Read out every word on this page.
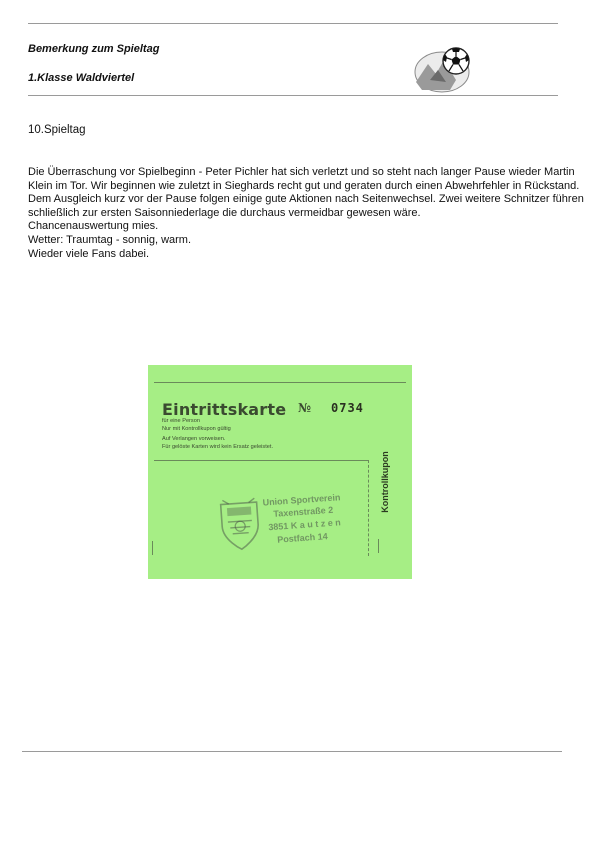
Bemerkung zum Spieltag
1.Klasse Waldviertel
10.Spieltag

Die Überraschung vor Spielbeginn - Peter Pichler hat sich verletzt und so steht nach langer Pause wieder Martin Klein im Tor. Wir beginnen wie zuletzt in Sieghards recht gut und geraten durch einen Abwehrfehler in Rückstand. Dem Ausgleich kurz vor der Pause folgen einige gute Aktionen nach Seitenwechsel. Zwei weitere Schnitzer führen schließlich zur ersten Saisonniederlage die durchaus vermeidbar gewesen wäre.

Chancenauswertung mies.

Wetter: Traumtag - sonnig, warm.

Wieder viele Fans dabei.

Eintrittskarte № 0734
für eine Person
Nur mit Kontrollkupon gültig
Auf Verlangen vorweisen.
Für gelöste Karten wird kein Ersatz geleistet.
Kontrollkupon
Union Sportverein
Taxenstraße 2
3851 K a u t z e n
Postfach 14
